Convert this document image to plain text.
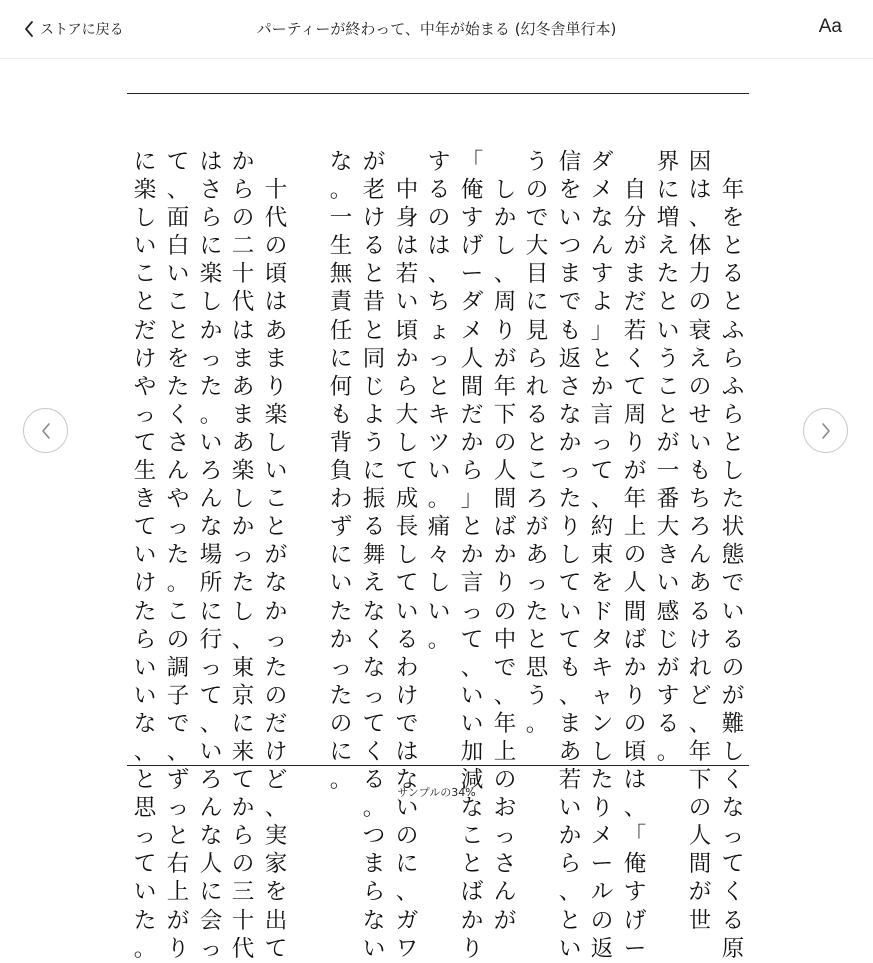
ストアに戻る	パーティーが終わって、中年が始まる (幻冬舎単行本)	Aa

年
を
と
る
と
ふ
ら
ふ
ら
と
し
た
状
態
で
い
る
の
が
難
し
く
な
っ
て
く
る
原
因
は
、
体
力
の
衰
え
の
せ
い
も
ち
ろ
ん
あ
る
け
れ
ど
、
年
下
の
人
間
が
世
界
に
増
え
た
と
い
う
こ
と
が
一
番
大
き
い
感
じ
が
す
る
。

自
分
が
ま
だ
若
く
て
周
り
が
年
上
の
人
間
ば
か
り
の
頃
は
、
「
俺
す
げ
ー
ダ
メ
な
ん
す
よ
」
と
か
言
っ
て
、
約
束
を
ド
タ
キ
ャ
ン
し
た
り
メ
ー
ル
の
返
信
を
い
つ
ま
で
も
返
さ
な
か
っ
た
り
し
て
い
て
も
、
ま
あ
若
い
か
ら
、
と
い
う
の
で
大
目
に
見
ら
れ
る
と
こ
ろ
が
あ
っ
た
と
思
う
。

し
か
し
、
周
り
が
年
下
の
人
間
ば
か
り
の
中
で
、
年
上
の
お
っ
さ
ん
が
「
俺
す
げ
ー
ダ
メ
人
間
だ
か
ら
」
と
か
言
っ
て
、
い
い
加
減
な
こ
と
ば
か
り
す
る
の
は
、
ち
ょ
っ
と
キ
ツ
い
。
痛
々
し
い
。

中
身
は
若
い
頃
か
ら
大
し
て
成
長
し
て
い
る
わ
け
で
は
な
い
の
に
、
ガ
ワ
が
老
け
る
と
昔
と
同
じ
よ
う
に
振
る
舞
え
な
く
な
っ
て
く
る
。
つ
ま
ら
な
い
な
。
一
生
無
責
任
に
何
も
背
負
わ
ず
に
い
た
か
っ
た
の
に
。

十
代
の
頃
は
あ
ま
り
楽
し
い
こ
と
が
な
か
っ
た
の
だ
け
ど
、
実
家
を
出
て
か
ら
の
二
十
代
は
ま
あ
ま
あ
楽
し
か
っ
た
し
、
東
京
に
来
て
か
ら
の
三
十
代
は
さ
ら
に
楽
し
か
っ
た
。
い
ろ
ん
な
場
所
に
行
っ
て
、
い
ろ
ん
な
人
に
会
っ
て
、
面
白
い
こ
と
を
た
く
さ
ん
や
っ
た
。
こ
の
調
子
で
、
ず
っ
と
右
上
が
り
に
楽
し
い
こ
と
だ
け
や
っ
て
生
き
て
い
け
た
ら
い
い
な
、
と
思
っ
て
い
た
。
サンプルの34%
